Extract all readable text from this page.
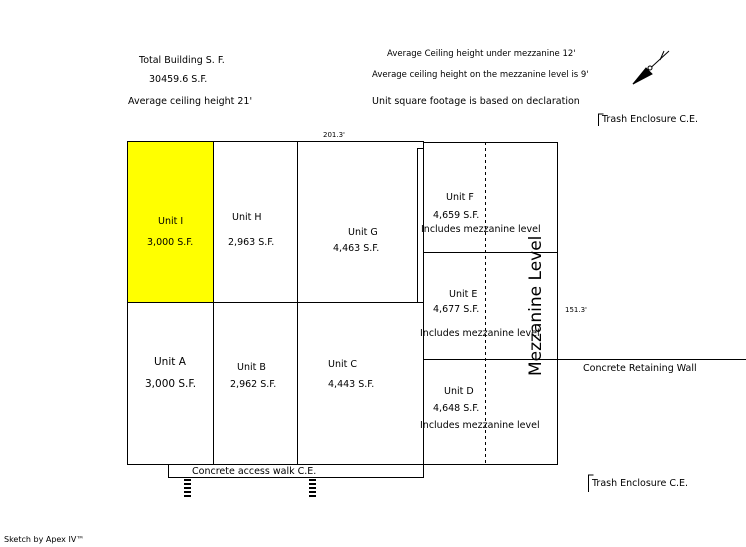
Total Building S. F.
30459.6 S.F.
Average ceiling height 21'
Average Ceiling height under mezzanine 12'
Average ceiling height on the mezzanine level is 9'
Unit square footage is based on declaration
201.3'
151.3'
Trash Enclosure C.E.
Trash Enclosure C.E.
Unit I
3,000 S.F.
Unit H
2,963 S.F.
Unit G
4,463 S.F.
Unit F
4,659 S.F.
Includes mezzanine level
Unit E
4,677 S.F.
Includes mezzanine level
Unit D
4,648 S.F.
Includes mezzanine level
Unit A
3,000 S.F.
Unit B
2,962 S.F.
Unit C
4,443 S.F.
Mezzanine Level	Concrete Retaining Wall
Concrete access walk C.E.
Sketch by Apex IV™
